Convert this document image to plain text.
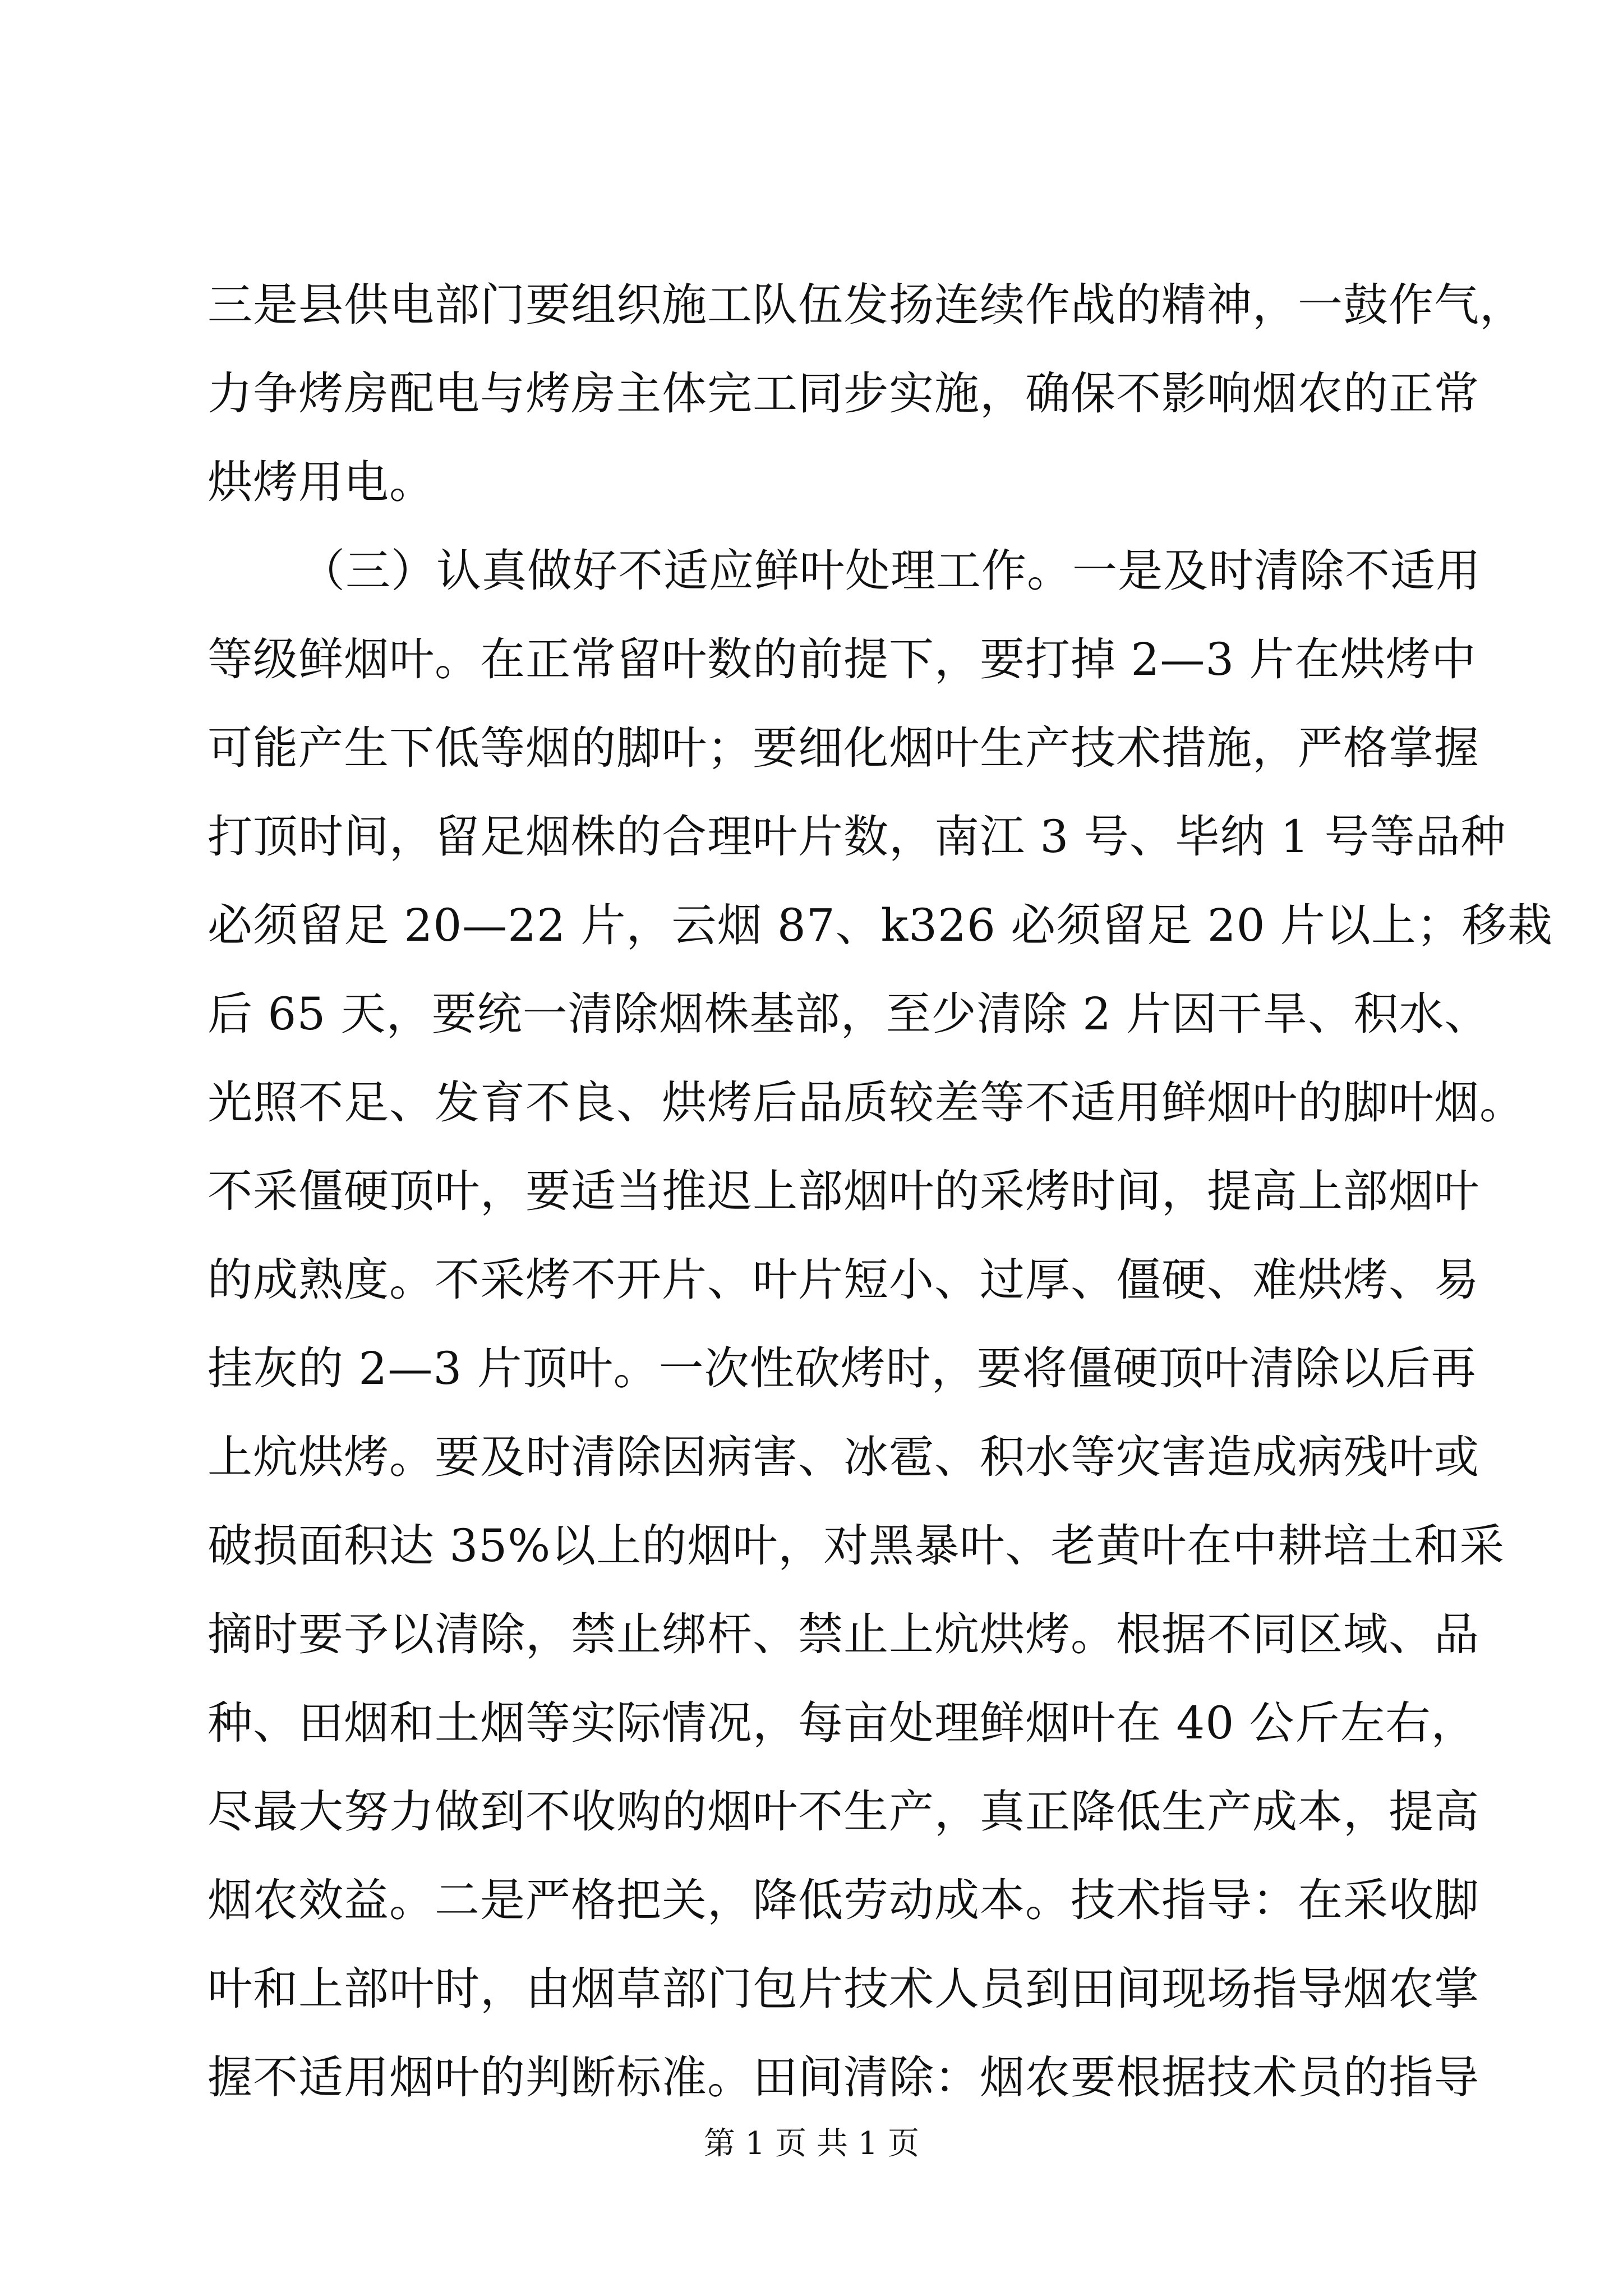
三是县供电部门要组织施工队伍发扬连续作战的精神，一鼓作气，
力争烤房配电与烤房主体完工同步实施，确保不影响烟农的正常
烘烤用电。
（三）认真做好不适应鲜叶处理工作。一是及时清除不适用
等级鲜烟叶。在正常留叶数的前提下，要打掉 2—3 片在烘烤中
可能产生下低等烟的脚叶；要细化烟叶生产技术措施，严格掌握
打顶时间，留足烟株的合理叶片数，南江 3 号、毕纳 1 号等品种
必须留足 20—22 片，云烟 87、k326 必须留足 20 片以上；移栽
后 65 天，要统一清除烟株基部，至少清除 2 片因干旱、积水、
光照不足、发育不良、烘烤后品质较差等不适用鲜烟叶的脚叶烟。
不采僵硬顶叶，要适当推迟上部烟叶的采烤时间，提高上部烟叶
的成熟度。不采烤不开片、叶片短小、过厚、僵硬、难烘烤、易
挂灰的 2—3 片顶叶。一次性砍烤时，要将僵硬顶叶清除以后再
上炕烘烤。要及时清除因病害、冰雹、积水等灾害造成病残叶或
破损面积达 35%以上的烟叶，对黑暴叶、老黄叶在中耕培土和采
摘时要予以清除，禁止绑杆、禁止上炕烘烤。根据不同区域、品
种、田烟和土烟等实际情况，每亩处理鲜烟叶在 40 公斤左右，
尽最大努力做到不收购的烟叶不生产，真正降低生产成本，提高
烟农效益。二是严格把关，降低劳动成本。技术指导：在采收脚
叶和上部叶时，由烟草部门包片技术人员到田间现场指导烟农掌
握不适用烟叶的判断标准。田间清除：烟农要根据技术员的指导
第 1 页 共 1 页
